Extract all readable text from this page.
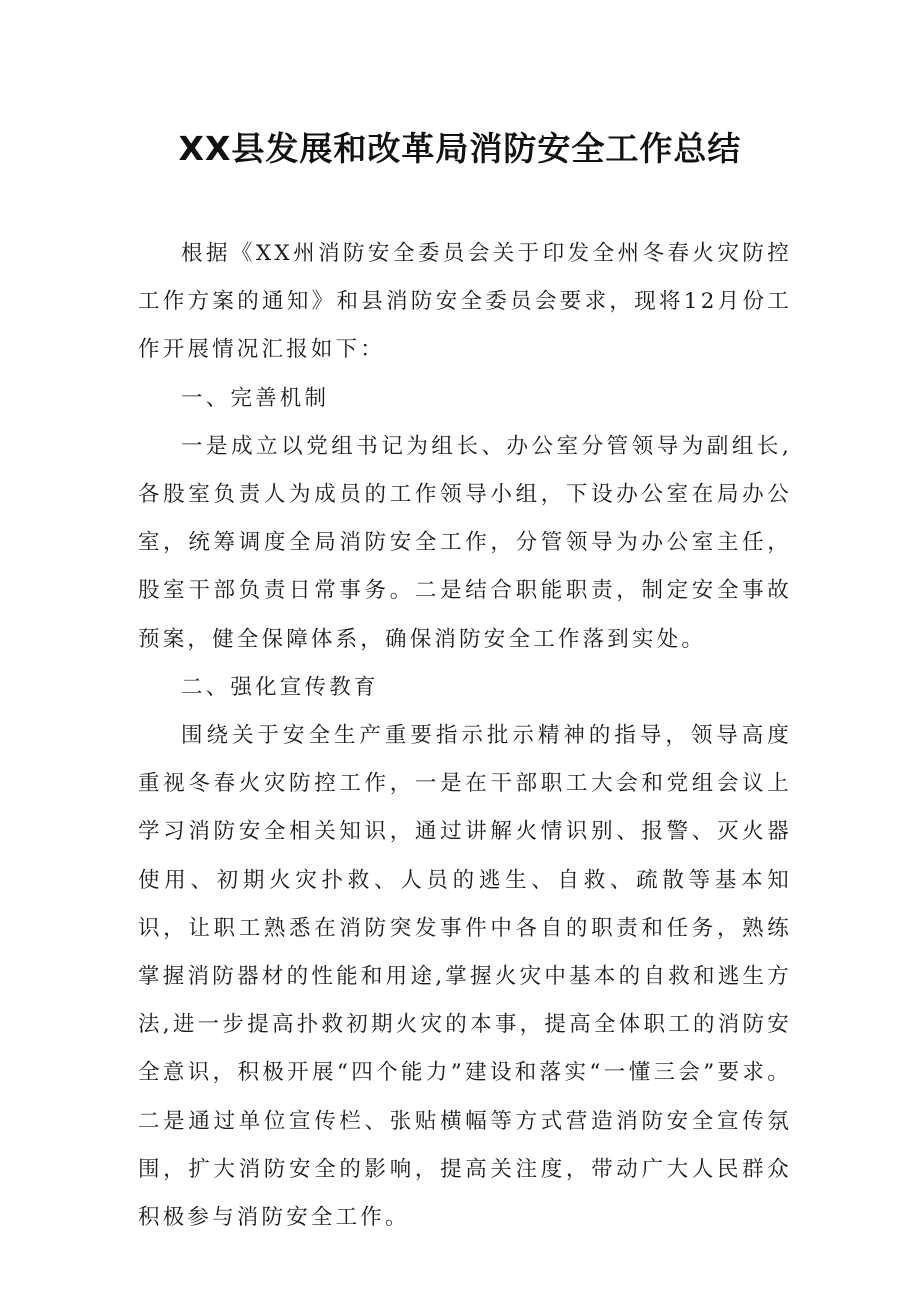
XX县发展和改革局消防安全工作总结

根据《XX州消防安全委员会关于印发全州冬春火灾防控工作方案的通知》和县消防安全委员会要求，现将12月份工作开展情况汇报如下：

一、完善机制

一是成立以党组书记为组长、办公室分管领导为副组长,各股室负责人为成员的工作领导小组，下设办公室在局办公室，统筹调度全局消防安全工作，分管领导为办公室主任，股室干部负责日常事务。二是结合职能职责，制定安全事故预案，健全保障体系，确保消防安全工作落到实处。

二、强化宣传教育

围绕关于安全生产重要指示批示精神的指导，领导高度重视冬春火灾防控工作，一是在干部职工大会和党组会议上学习消防安全相关知识，通过讲解火情识别、报警、灭火器使用、初期火灾扑救、人员的逃生、自救、疏散等基本知识，让职工熟悉在消防突发事件中各自的职责和任务，熟练掌握消防器材的性能和用途,掌握火灾中基本的自救和逃生方法,进一步提高扑救初期火灾的本事，提高全体职工的消防安全意识，积极开展“四个能力”建设和落实“一懂三会”要求。二是通过单位宣传栏、张贴横幅等方式营造消防安全宣传氛围，扩大消防安全的影响，提高关注度，带动广大人民群众积极参与消防安全工作。
